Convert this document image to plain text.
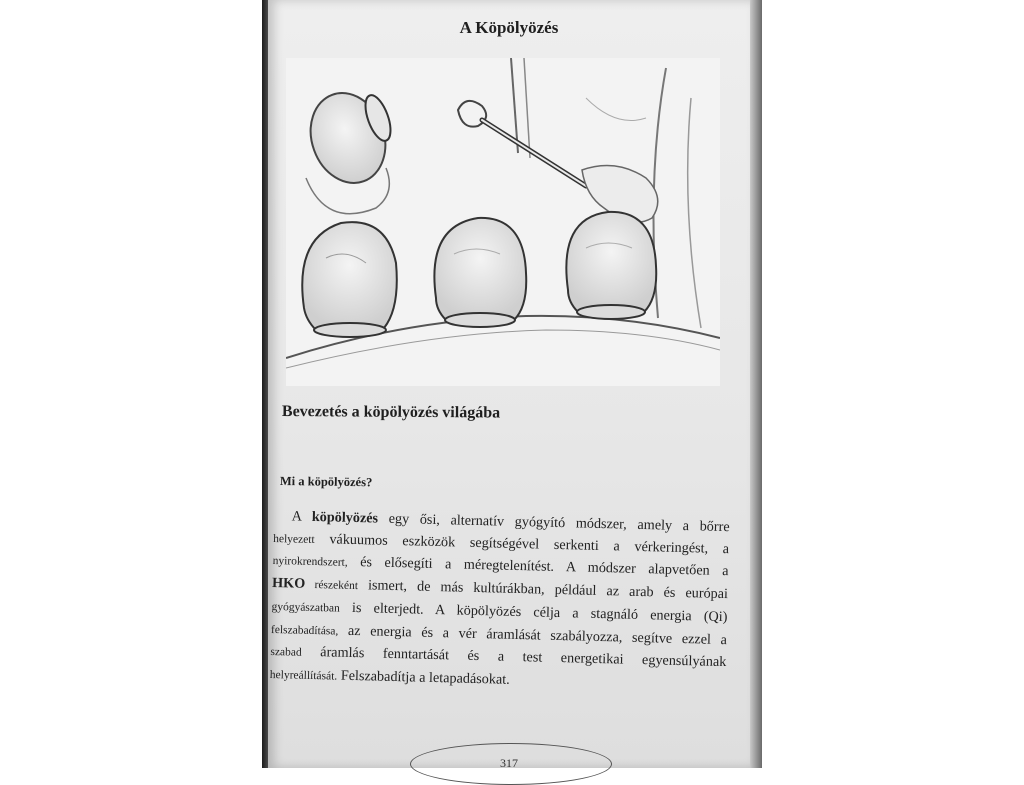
A Köpölyözés
Bevezetés a köpölyözés világába
Mi a köpölyözés?
A köpölyözés egy ősi, alternatív gyógyító módszer, amely a bőrre
helyezett vákuumos eszközök segítségével serkenti a vérkeringést, a
nyirokrendszert, és elősegíti a méregtelenítést. A módszer alapvetően a
HKO részeként ismert, de más kultúrákban, például az arab és európai
gyógyászatban is elterjedt. A köpölyözés célja a stagnáló energia (Qi)
felszabadítása, az energia és a vér áramlását szabályozza, segítve ezzel a
szabad áramlás fenntartását és a test energetikai egyensúlyának
helyreállítását. Felszabadítja a letapadásokat.
317
